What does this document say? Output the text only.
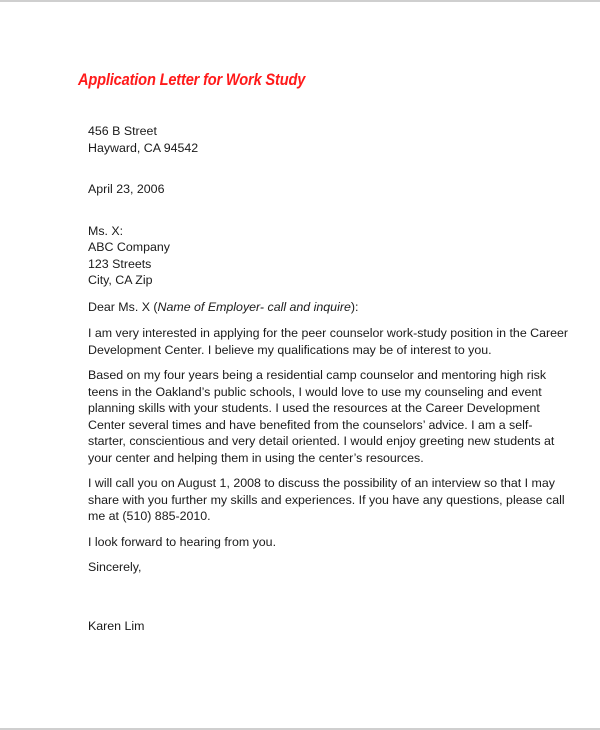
Application Letter for Work Study
456 B Street
Hayward, CA 94542
April 23, 2006
Ms. X:
ABC Company
123 Streets
City, CA Zip
Dear Ms. X (Name of Employer- call and inquire):
I am very interested in applying for the peer counselor work-study position in the Career
Development Center. I believe my qualifications may be of interest to you.
Based on my four years being a residential camp counselor and mentoring high risk
teens in the Oakland’s public schools, I would love to use my counseling and event
planning skills with your students. I used the resources at the Career Development
Center several times and have benefited from the counselors’ advice. I am a self-
starter, conscientious and very detail oriented. I would enjoy greeting new students at
your center and helping them in using the center’s resources.
I will call you on August 1, 2008 to discuss the possibility of an interview so that I may
share with you further my skills and experiences. If you have any questions, please call
me at (510) 885-2010.
I look forward to hearing from you.
Sincerely,
Karen Lim
